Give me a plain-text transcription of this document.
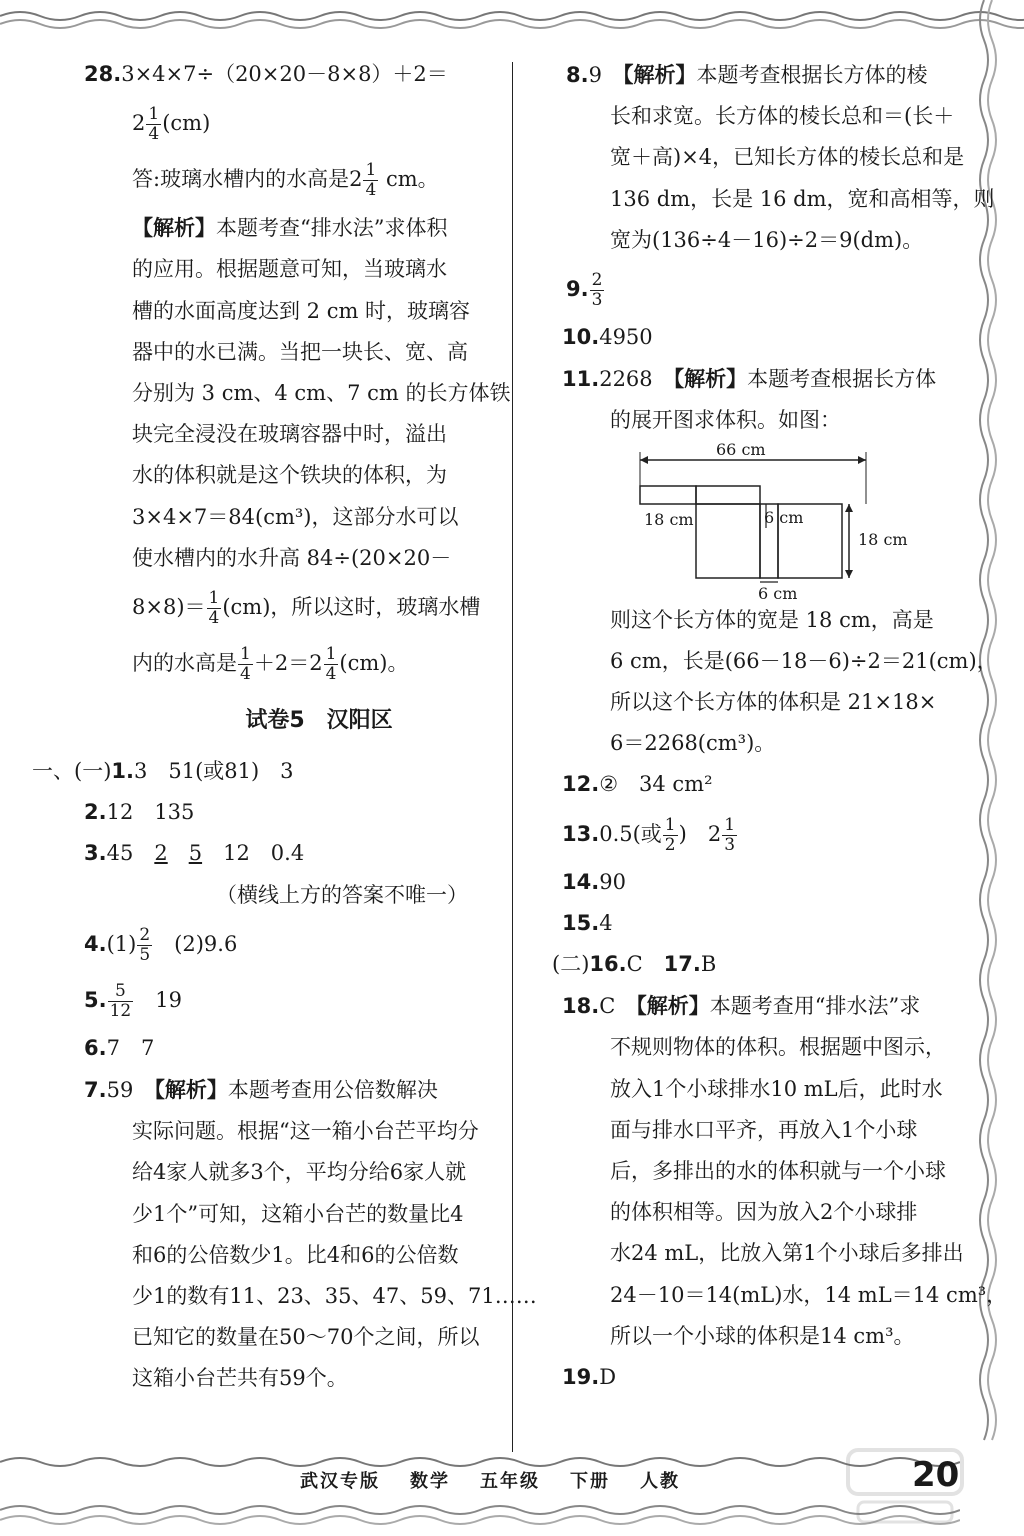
28.3×4×7÷（20×20－8×8）＋2＝
$2 \frac{1}{4} (cm)$
答:玻璃水槽内的水高是$2 \frac{1}{4}$ cm。
【解析】本题考查“排水法”求体积
的应用。根据题意可知，当玻璃水
槽的水面高度达到 2 cm 时，玻璃容
器中的水已满。当把一块长、宽、高
分别为 3 cm、4 cm、7 cm 的长方体铁
块完全浸没在玻璃容器中时，溢出
水的体积就是这个铁块的体积，为
3×4×7＝84(cm³)，这部分水可以
使水槽内的水升高 84÷(20×20－
$8\times 8)= \frac{1}{4} (cm)$，所以这时，玻璃水槽
内的水高是 $\frac{1}{4} +2=2 \frac{1}{4} (cm)$。
试卷5　汉阳区
一、(一)1.3　51(或81)　3
2.12　135
3.45　2　 5　12　0.4
（横线上方的答案不唯一）
$4.(1) \frac{2}{5}$ 　(2)9.6
5. $\frac{5}{12}$
　 19
6.7　7
7.59　 【解析】本题考查用公倍数解决
实际问题。根据“这一箱小台芒平均分
给4家人就多3个，平均分给6家人就
少1个”可知，这箱小台芒的数量比4
和6的公倍数少1。比4和6的公倍数
少1的数有11、23、35、47、59、71……
已知它的数量在50～70个之间，所以
这箱小台芒共有59个。
8.9　 【解析】本题考查根据长方体的棱
长和求宽。长方体的棱长总和＝(长＋
宽＋高)×4，已知长方体的棱长总和是
136 dm，长是 16 dm，宽和高相等，则
宽为(136÷4－16)÷2＝9(dm)。
9. $\frac{2}{3}$
10.4950
11.2268　 【解析】本题考查根据长方体
的展开图求体积。如图：
66 cm
18 cm	6 cm
18 cm
6 cm
则这个长方体的宽是 18 cm，高是
6 cm，长是(66－18－6)÷2＝21(cm)，
所以这个长方体的体积是 21×18×
6＝2268(cm³)。
12.②　34 cm²
13.0.5(或 $\frac{1}{2}$ )　$2 \frac{1}{3}$
14.90
15.4
(二)16.C　 17.B
18.C　 【解析】本题考查用“排水法”求
不规则物体的体积。根据题中图示，
放入1个小球排水10 mL后，此时水
面与排水口平齐，再放入1个小球
后，多排出的水的体积就与一个小球
的体积相等。因为放入2个小球排
水24 mL，比放入第1个小球后多排出
24－10＝14(mL)水，14 mL＝14 cm³，
所以一个小球的体积是14 cm³。
19.D
武汉专版 数学 五年级 下册 人教	20
